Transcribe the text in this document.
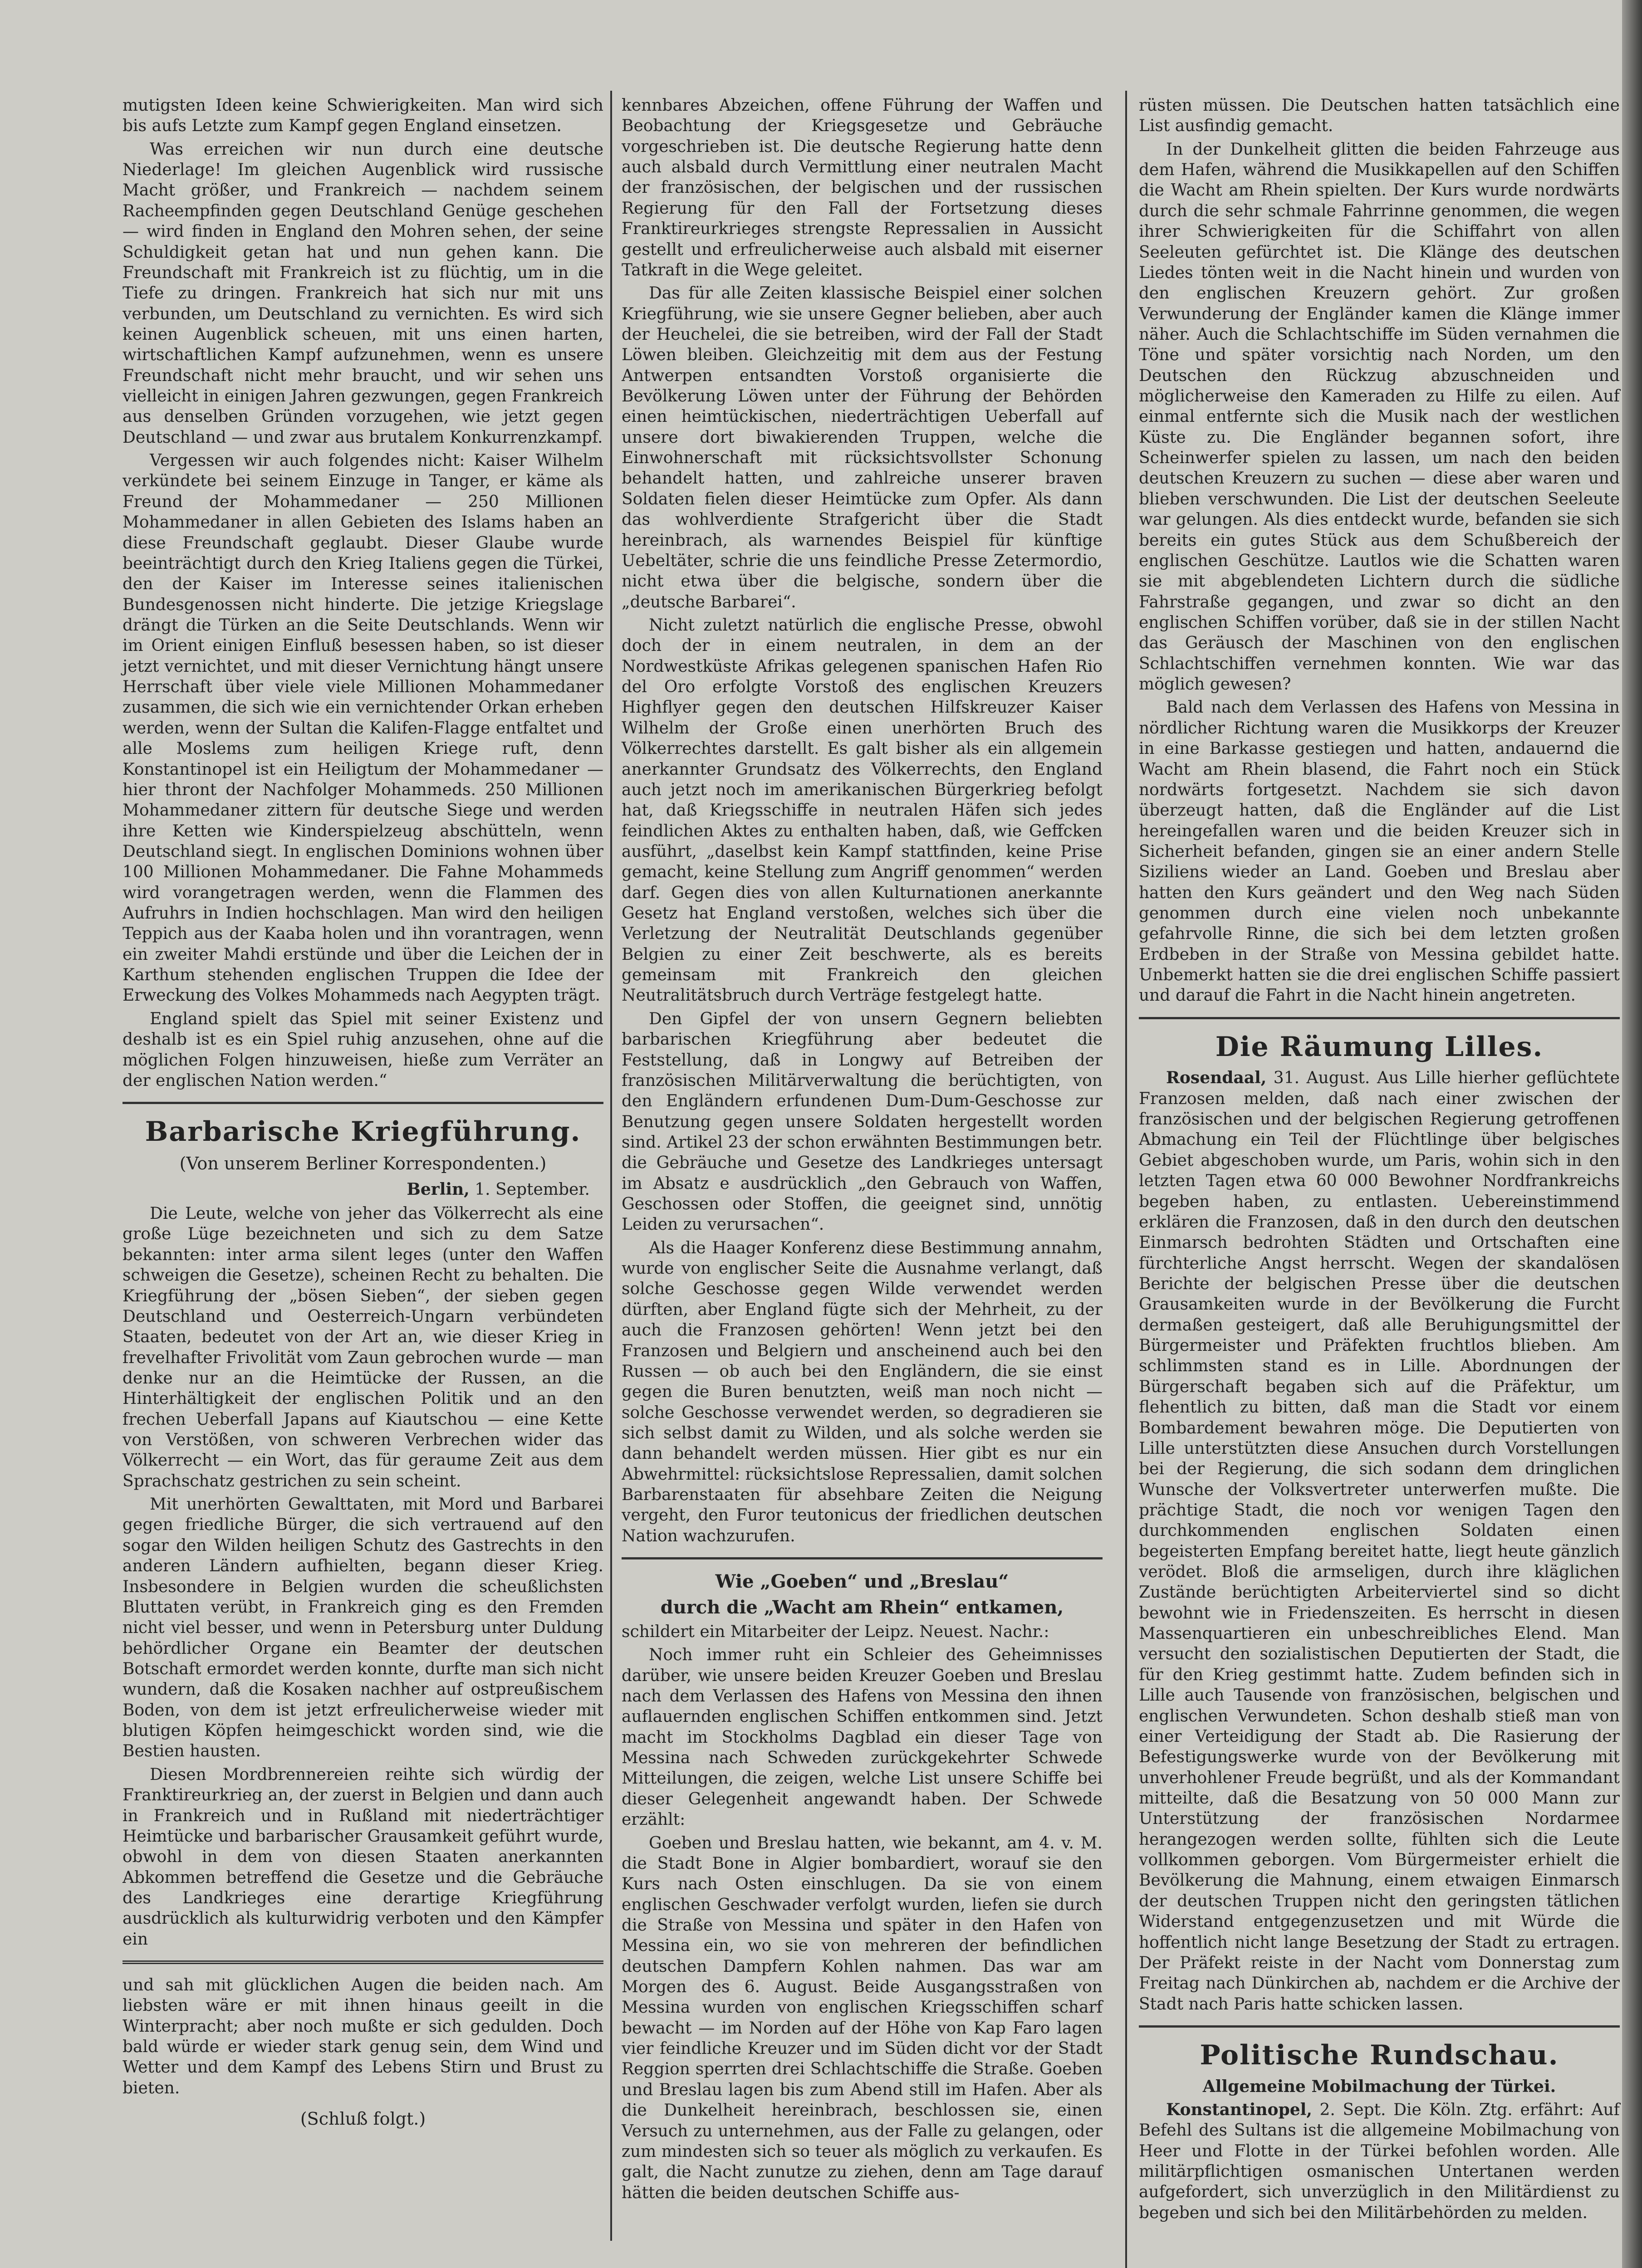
mutigsten Ideen keine Schwierigkeiten. Man wird sich bis aufs Letzte zum Kampf gegen England einsetzen.

Was erreichen wir nun durch eine deutsche Niederlage! Im gleichen Augenblick wird russische Macht größer, und Frankreich — nachdem seinem Racheempfinden gegen Deutschland Genüge geschehen — wird finden in England den Mohren sehen, der seine Schuldigkeit getan hat und nun gehen kann. Die Freundschaft mit Frankreich ist zu flüchtig, um in die Tiefe zu dringen. Frankreich hat sich nur mit uns verbunden, um Deutschland zu vernichten. Es wird sich keinen Augenblick scheuen, mit uns einen harten, wirtschaftlichen Kampf aufzunehmen, wenn es unsere Freundschaft nicht mehr braucht, und wir sehen uns vielleicht in einigen Jahren gezwungen, gegen Frankreich aus denselben Gründen vorzugehen, wie jetzt gegen Deutschland — und zwar aus brutalem Konkurrenzkampf.

Vergessen wir auch folgendes nicht: Kaiser Wilhelm verkündete bei seinem Einzuge in Tanger, er käme als Freund der Mohammedaner — 250 Millionen Mohammedaner in allen Gebieten des Islams haben an diese Freundschaft geglaubt. Dieser Glaube wurde beeinträchtigt durch den Krieg Italiens gegen die Türkei, den der Kaiser im Interesse seines italienischen Bundesgenossen nicht hinderte. Die jetzige Kriegslage drängt die Türken an die Seite Deutschlands. Wenn wir im Orient einigen Einfluß besessen haben, so ist dieser jetzt vernichtet, und mit dieser Vernichtung hängt unsere Herrschaft über viele viele Millionen Mohammedaner zusammen, die sich wie ein vernichtender Orkan erheben werden, wenn der Sultan die Kalifen-Flagge entfaltet und alle Moslems zum heiligen Kriege ruft, denn Konstantinopel ist ein Heiligtum der Mohammedaner — hier thront der Nachfolger Mohammeds. 250 Millionen Mohammedaner zittern für deutsche Siege und werden ihre Ketten wie Kinderspielzeug abschütteln, wenn Deutschland siegt. In englischen Dominions wohnen über 100 Millionen Mohammedaner. Die Fahne Mohammeds wird vorangetragen werden, wenn die Flammen des Aufruhrs in Indien hochschlagen. Man wird den heiligen Teppich aus der Kaaba holen und ihn vorantragen, wenn ein zweiter Mahdi erstünde und über die Leichen der in Karthum stehenden englischen Truppen die Idee der Erweckung des Volkes Mohammeds nach Aegypten trägt.

England spielt das Spiel mit seiner Existenz und deshalb ist es ein Spiel ruhig anzusehen, ohne auf die möglichen Folgen hinzuweisen, hieße zum Verräter an der englischen Nation werden.“

Barbarische Kriegführung.
(Von unserem Berliner Korrespondenten.)
Berlin, 1. September.

Die Leute, welche von jeher das Völkerrecht als eine große Lüge bezeichneten und sich zu dem Satze bekannten: inter arma silent leges (unter den Waffen schweigen die Gesetze), scheinen Recht zu behalten. Die Kriegführung der „bösen Sieben“, der sieben gegen Deutschland und Oesterreich-Ungarn verbündeten Staaten, bedeutet von der Art an, wie dieser Krieg in frevelhafter Frivolität vom Zaun gebrochen wurde — man denke nur an die Heimtücke der Russen, an die Hinterhältigkeit der englischen Politik und an den frechen Ueberfall Japans auf Kiautschou — eine Kette von Verstößen, von schweren Verbrechen wider das Völkerrecht — ein Wort, das für geraume Zeit aus dem Sprachschatz gestrichen zu sein scheint.

Mit unerhörten Gewalttaten, mit Mord und Barbarei gegen friedliche Bürger, die sich vertrauend auf den sogar den Wilden heiligen Schutz des Gastrechts in den anderen Ländern aufhielten, begann dieser Krieg. Insbesondere in Belgien wurden die scheußlichsten Bluttaten verübt, in Frankreich ging es den Fremden nicht viel besser, und wenn in Petersburg unter Duldung behördlicher Organe ein Beamter der deutschen Botschaft ermordet werden konnte, durfte man sich nicht wundern, daß die Kosaken nachher auf ostpreußischem Boden, von dem ist jetzt erfreulicherweise wieder mit blutigen Köpfen heimgeschickt worden sind, wie die Bestien hausten.

Diesen Mordbrennereien reihte sich würdig der Franktireurkrieg an, der zuerst in Belgien und dann auch in Frankreich und in Rußland mit niederträchtiger Heimtücke und barbarischer Grausamkeit geführt wurde, obwohl in dem von diesen Staaten anerkannten Abkommen betreffend die Gesetze und die Gebräuche des Landkrieges eine derartige Kriegführung ausdrücklich als kulturwidrig verboten und den Kämpfer ein

und sah mit glücklichen Augen die beiden nach. Am liebsten wäre er mit ihnen hinaus geeilt in die Winterpracht; aber noch mußte er sich gedulden. Doch bald würde er wieder stark genug sein, dem Wind und Wetter und dem Kampf des Lebens Stirn und Brust zu bieten.

(Schluß folgt.)

kennbares Abzeichen, offene Führung der Waffen und Beobachtung der Kriegsgesetze und Gebräuche vorgeschrieben ist. Die deutsche Regierung hatte denn auch alsbald durch Vermittlung einer neutralen Macht der französischen, der belgischen und der russischen Regierung für den Fall der Fortsetzung dieses Franktireurkrieges strengste Repressalien in Aussicht gestellt und erfreulicherweise auch alsbald mit eiserner Tatkraft in die Wege geleitet.

Das für alle Zeiten klassische Beispiel einer solchen Kriegführung, wie sie unsere Gegner belieben, aber auch der Heuchelei, die sie betreiben, wird der Fall der Stadt Löwen bleiben. Gleichzeitig mit dem aus der Festung Antwerpen entsandten Vorstoß organisierte die Bevölkerung Löwen unter der Führung der Behörden einen heimtückischen, niederträchtigen Ueberfall auf unsere dort biwakierenden Truppen, welche die Einwohnerschaft mit rücksichtsvollster Schonung behandelt hatten, und zahlreiche unserer braven Soldaten fielen dieser Heimtücke zum Opfer. Als dann das wohlverdiente Strafgericht über die Stadt hereinbrach, als warnendes Beispiel für künftige Uebeltäter, schrie die uns feindliche Presse Zetermordio, nicht etwa über die belgische, sondern über die „deutsche Barbarei“.

Nicht zuletzt natürlich die englische Presse, obwohl doch der in einem neutralen, in dem an der Nordwestküste Afrikas gelegenen spanischen Hafen Rio del Oro erfolgte Vorstoß des englischen Kreuzers Highflyer gegen den deutschen Hilfskreuzer Kaiser Wilhelm der Große einen unerhörten Bruch des Völkerrechtes darstellt. Es galt bisher als ein allgemein anerkannter Grundsatz des Völkerrechts, den England auch jetzt noch im amerikanischen Bürgerkrieg befolgt hat, daß Kriegsschiffe in neutralen Häfen sich jedes feindlichen Aktes zu enthalten haben, daß, wie Geffcken ausführt, „daselbst kein Kampf stattfinden, keine Prise gemacht, keine Stellung zum Angriff genommen“ werden darf. Gegen dies von allen Kulturnationen anerkannte Gesetz hat England verstoßen, welches sich über die Verletzung der Neutralität Deutschlands gegenüber Belgien zu einer Zeit beschwerte, als es bereits gemeinsam mit Frankreich den gleichen Neutralitätsbruch durch Verträge festgelegt hatte.

Den Gipfel der von unsern Gegnern beliebten barbarischen Kriegführung aber bedeutet die Feststellung, daß in Longwy auf Betreiben der französischen Militärverwaltung die berüchtigten, von den Engländern erfundenen Dum-Dum-Geschosse zur Benutzung gegen unsere Soldaten hergestellt worden sind. Artikel 23 der schon erwähnten Bestimmungen betr. die Gebräuche und Gesetze des Landkrieges untersagt im Absatz e ausdrücklich „den Gebrauch von Waffen, Geschossen oder Stoffen, die geeignet sind, unnötig Leiden zu verursachen“.

Als die Haager Konferenz diese Bestimmung annahm, wurde von englischer Seite die Ausnahme verlangt, daß solche Geschosse gegen Wilde verwendet werden dürften, aber England fügte sich der Mehrheit, zu der auch die Franzosen gehörten! Wenn jetzt bei den Franzosen und Belgiern und anscheinend auch bei den Russen — ob auch bei den Engländern, die sie einst gegen die Buren benutzten, weiß man noch nicht — solche Geschosse verwendet werden, so degradieren sie sich selbst damit zu Wilden, und als solche werden sie dann behandelt werden müssen. Hier gibt es nur ein Abwehrmittel: rücksichtslose Repressalien, damit solchen Barbarenstaaten für absehbare Zeiten die Neigung vergeht, den Furor teutonicus der friedlichen deutschen Nation wachzurufen.

Wie „Goeben“ und „Breslau“
durch die „Wacht am Rhein“ entkamen,

schildert ein Mitarbeiter der Leipz. Neuest. Nachr.:

Noch immer ruht ein Schleier des Geheimnisses darüber, wie unsere beiden Kreuzer Goeben und Breslau nach dem Verlassen des Hafens von Messina den ihnen auflauernden englischen Schiffen entkommen sind. Jetzt macht im Stockholms Dagblad ein dieser Tage von Messina nach Schweden zurückgekehrter Schwede Mitteilungen, die zeigen, welche List unsere Schiffe bei dieser Gelegenheit angewandt haben. Der Schwede erzählt:

Goeben und Breslau hatten, wie bekannt, am 4. v. M. die Stadt Bone in Algier bombardiert, worauf sie den Kurs nach Osten einschlugen. Da sie von einem englischen Geschwader verfolgt wurden, liefen sie durch die Straße von Messina und später in den Hafen von Messina ein, wo sie von mehreren der befindlichen deutschen Dampfern Kohlen nahmen. Das war am Morgen des 6. August. Beide Ausgangsstraßen von Messina wurden von englischen Kriegsschiffen scharf bewacht — im Norden auf der Höhe von Kap Faro lagen vier feindliche Kreuzer und im Süden dicht vor der Stadt Reggion sperrten drei Schlachtschiffe die Straße. Goeben und Breslau lagen bis zum Abend still im Hafen. Aber als die Dunkelheit hereinbrach, beschlossen sie, einen Versuch zu unternehmen, aus der Falle zu gelangen, oder zum mindesten sich so teuer als möglich zu verkaufen. Es galt, die Nacht zunutze zu ziehen, denn am Tage darauf hätten die beiden deutschen Schiffe aus-

rüsten müssen. Die Deutschen hatten tatsächlich eine List ausfindig gemacht.

In der Dunkelheit glitten die beiden Fahrzeuge aus dem Hafen, während die Musikkapellen auf den Schiffen die Wacht am Rhein spielten. Der Kurs wurde nordwärts durch die sehr schmale Fahrrinne genommen, die wegen ihrer Schwierigkeiten für die Schiffahrt von allen Seeleuten gefürchtet ist. Die Klänge des deutschen Liedes tönten weit in die Nacht hinein und wurden von den englischen Kreuzern gehört. Zur großen Verwunderung der Engländer kamen die Klänge immer näher. Auch die Schlachtschiffe im Süden vernahmen die Töne und später vorsichtig nach Norden, um den Deutschen den Rückzug abzuschneiden und möglicherweise den Kameraden zu Hilfe zu eilen. Auf einmal entfernte sich die Musik nach der westlichen Küste zu. Die Engländer begannen sofort, ihre Scheinwerfer spielen zu lassen, um nach den beiden deutschen Kreuzern zu suchen — diese aber waren und blieben verschwunden. Die List der deutschen Seeleute war gelungen. Als dies entdeckt wurde, befanden sie sich bereits ein gutes Stück aus dem Schußbereich der englischen Geschütze. Lautlos wie die Schatten waren sie mit abgeblendeten Lichtern durch die südliche Fahrstraße gegangen, und zwar so dicht an den englischen Schiffen vorüber, daß sie in der stillen Nacht das Geräusch der Maschinen von den englischen Schlachtschiffen vernehmen konnten. Wie war das möglich gewesen?

Bald nach dem Verlassen des Hafens von Messina in nördlicher Richtung waren die Musikkorps der Kreuzer in eine Barkasse gestiegen und hatten, andauernd die Wacht am Rhein blasend, die Fahrt noch ein Stück nordwärts fortgesetzt. Nachdem sie sich davon überzeugt hatten, daß die Engländer auf die List hereingefallen waren und die beiden Kreuzer sich in Sicherheit befanden, gingen sie an einer andern Stelle Siziliens wieder an Land. Goeben und Breslau aber hatten den Kurs geändert und den Weg nach Süden genommen durch eine vielen noch unbekannte gefahrvolle Rinne, die sich bei dem letzten großen Erdbeben in der Straße von Messina gebildet hatte. Unbemerkt hatten sie die drei englischen Schiffe passiert und darauf die Fahrt in die Nacht hinein angetreten.

Die Räumung Lilles.

Rosendaal, 31. August. Aus Lille hierher geflüchtete Franzosen melden, daß nach einer zwischen der französischen und der belgischen Regierung getroffenen Abmachung ein Teil der Flüchtlinge über belgisches Gebiet abgeschoben wurde, um Paris, wohin sich in den letzten Tagen etwa 60 000 Bewohner Nordfrankreichs begeben haben, zu entlasten. Uebereinstimmend erklären die Franzosen, daß in den durch den deutschen Einmarsch bedrohten Städten und Ortschaften eine fürchterliche Angst herrscht. Wegen der skandalösen Berichte der belgischen Presse über die deutschen Grausamkeiten wurde in der Bevölkerung die Furcht dermaßen gesteigert, daß alle Beruhigungsmittel der Bürgermeister und Präfekten fruchtlos blieben. Am schlimmsten stand es in Lille. Abordnungen der Bürgerschaft begaben sich auf die Präfektur, um flehentlich zu bitten, daß man die Stadt vor einem Bombardement bewahren möge. Die Deputierten von Lille unterstützten diese Ansuchen durch Vorstellungen bei der Regierung, die sich sodann dem dringlichen Wunsche der Volksvertreter unterwerfen mußte. Die prächtige Stadt, die noch vor wenigen Tagen den durchkommenden englischen Soldaten einen begeisterten Empfang bereitet hatte, liegt heute gänzlich verödet. Bloß die armseligen, durch ihre kläglichen Zustände berüchtigten Arbeiterviertel sind so dicht bewohnt wie in Friedenszeiten. Es herrscht in diesen Massenquartieren ein unbeschreibliches Elend. Man versucht den sozialistischen Deputierten der Stadt, die für den Krieg gestimmt hatte. Zudem befinden sich in Lille auch Tausende von französischen, belgischen und englischen Verwundeten. Schon deshalb stieß man von einer Verteidigung der Stadt ab. Die Rasierung der Befestigungswerke wurde von der Bevölkerung mit unverhohlener Freude begrüßt, und als der Kommandant mitteilte, daß die Besatzung von 50 000 Mann zur Unterstützung der französischen Nordarmee herangezogen werden sollte, fühlten sich die Leute vollkommen geborgen. Vom Bürgermeister erhielt die Bevölkerung die Mahnung, einem etwaigen Einmarsch der deutschen Truppen nicht den geringsten tätlichen Widerstand entgegenzusetzen und mit Würde die hoffentlich nicht lange Besetzung der Stadt zu ertragen. Der Präfekt reiste in der Nacht vom Donnerstag zum Freitag nach Dünkirchen ab, nachdem er die Archive der Stadt nach Paris hatte schicken lassen.

Politische Rundschau.
Allgemeine Mobilmachung der Türkei.

Konstantinopel, 2. Sept. Die Köln. Ztg. erfährt: Auf Befehl des Sultans ist die allgemeine Mobilmachung von Heer und Flotte in der Türkei befohlen worden. Alle militärpflichtigen osmanischen Untertanen werden aufgefordert, sich unverzüglich in den Militärdienst zu begeben und sich bei den Militärbehörden zu melden.
